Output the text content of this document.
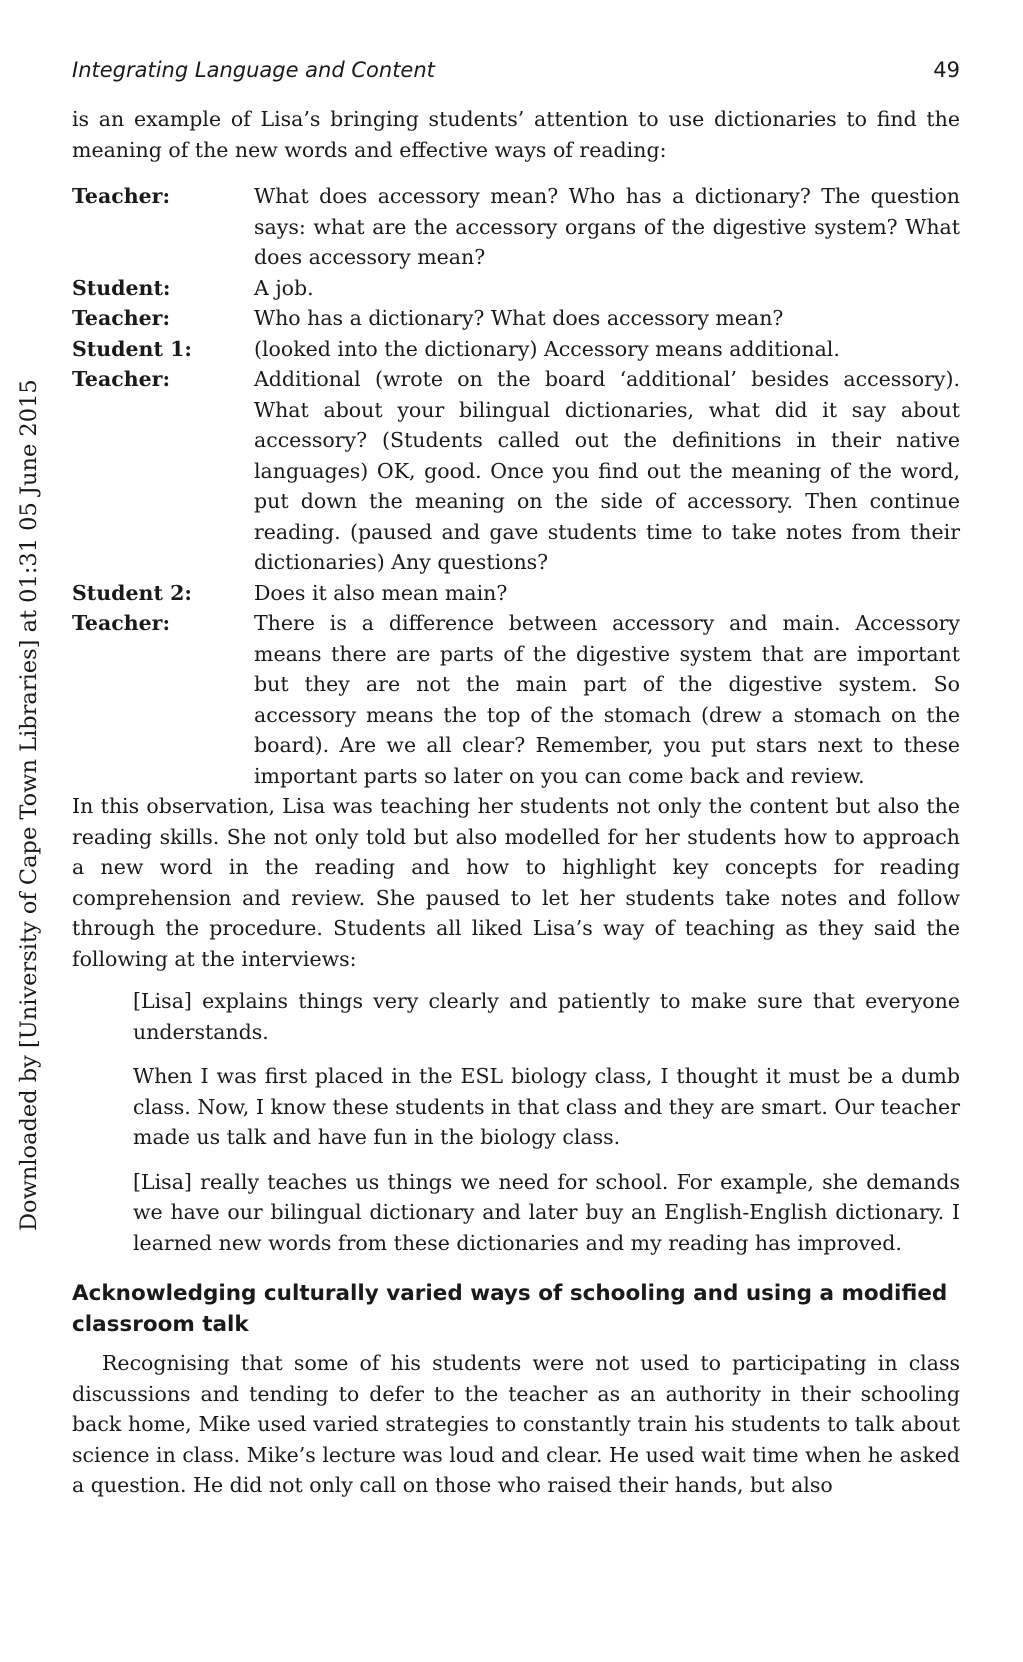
Integrating Language and Content	49
Downloaded by [University of Cape Town Libraries] at 01:31 05 June 2015

is an example of Lisa’s bringing students’ attention to use dictionaries to find the meaning of the new words and effective ways of reading:

Teacher:	What does accessory mean? Who has a dictionary? The question says: what are the accessory organs of the digestive system? What does accessory mean?
Student:	A job.
Teacher:	Who has a dictionary? What does accessory mean?
Student 1:	(looked into the dictionary) Accessory means additional.
Teacher:	Additional (wrote on the board ‘additional’ besides accessory). What about your bilingual dictionaries, what did it say about accessory? (Students called out the definitions in their native languages) OK, good. Once you find out the meaning of the word, put down the meaning on the side of accessory. Then continue reading. (paused and gave students time to take notes from their dictionaries) Any questions?
Student 2:	Does it also mean main?
Teacher:	There is a difference between accessory and main. Accessory means there are parts of the digestive system that are important but they are not the main part of the digestive system. So accessory means the top of the stomach (drew a stomach on the board). Are we all clear? Remember, you put stars next to these important parts so later on you can come back and review.

In this observation, Lisa was teaching her students not only the content but also the reading skills. She not only told but also modelled for her students how to approach a new word in the reading and how to highlight key concepts for reading comprehension and review. She paused to let her students take notes and follow through the procedure. Students all liked Lisa’s way of teaching as they said the following at the interviews:

[Lisa] explains things very clearly and patiently to make sure that everyone understands.

When I was first placed in the ESL biology class, I thought it must be a dumb class. Now, I know these students in that class and they are smart. Our teacher made us talk and have fun in the biology class.

[Lisa] really teaches us things we need for school. For example, she demands we have our bilingual dictionary and later buy an English-English dictionary. I learned new words from these dictionaries and my reading has improved.

Acknowledging culturally varied ways of schooling and using a modified classroom talk

Recognising that some of his students were not used to participating in class discussions and tending to defer to the teacher as an authority in their schooling back home, Mike used varied strategies to constantly train his students to talk about science in class. Mike’s lecture was loud and clear. He used wait time when he asked a question. He did not only call on those who raised their hands, but also
